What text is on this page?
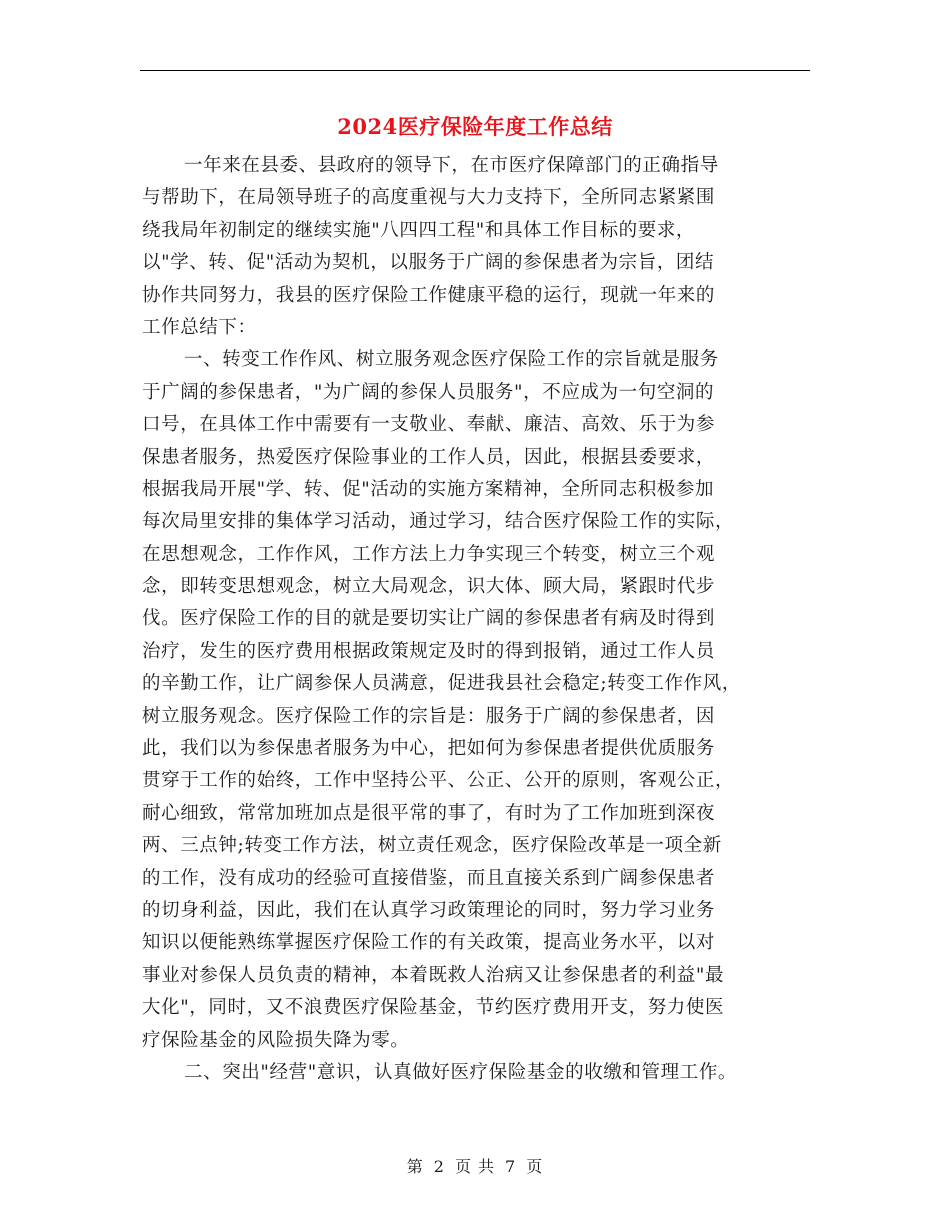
2024医疗保险年度工作总结
一年来在县委、县政府的领导下，在市医疗保障部门的正确指导
与帮助下，在局领导班子的高度重视与大力支持下，全所同志紧紧围
绕我局年初制定的继续实施"八四四工程"和具体工作目标的要求，
以"学、转、促"活动为契机，以服务于广阔的参保患者为宗旨，团结
协作共同努力，我县的医疗保险工作健康平稳的运行，现就一年来的
工作总结下：
一、转变工作作风、树立服务观念医疗保险工作的宗旨就是服务
于广阔的参保患者，"为广阔的参保人员服务"，不应成为一句空洞的
口号，在具体工作中需要有一支敬业、奉献、廉洁、高效、乐于为参
保患者服务，热爱医疗保险事业的工作人员，因此，根据县委要求，
根据我局开展"学、转、促"活动的实施方案精神，全所同志积极参加
每次局里安排的集体学习活动，通过学习，结合医疗保险工作的实际，
在思想观念，工作作风，工作方法上力争实现三个转变，树立三个观
念，即转变思想观念，树立大局观念，识大体、顾大局，紧跟时代步
伐。医疗保险工作的目的就是要切实让广阔的参保患者有病及时得到
治疗，发生的医疗费用根据政策规定及时的得到报销，通过工作人员
的辛勤工作，让广阔参保人员满意，促进我县社会稳定;转变工作作风，
树立服务观念。医疗保险工作的宗旨是：服务于广阔的参保患者，因
此，我们以为参保患者服务为中心，把如何为参保患者提供优质服务
贯穿于工作的始终，工作中坚持公平、公正、公开的原则，客观公正，
耐心细致，常常加班加点是很平常的事了，有时为了工作加班到深夜
两、三点钟;转变工作方法，树立责任观念，医疗保险改革是一项全新
的工作，没有成功的经验可直接借鉴，而且直接关系到广阔参保患者
的切身利益，因此，我们在认真学习政策理论的同时，努力学习业务
知识以便能熟练掌握医疗保险工作的有关政策，提高业务水平，以对
事业对参保人员负责的精神，本着既救人治病又让参保患者的利益"最
大化"，同时，又不浪费医疗保险基金，节约医疗费用开支，努力使医
疗保险基金的风险损失降为零。
二、突出"经营"意识，认真做好医疗保险基金的收缴和管理工作。
第 2 页 共 7 页
